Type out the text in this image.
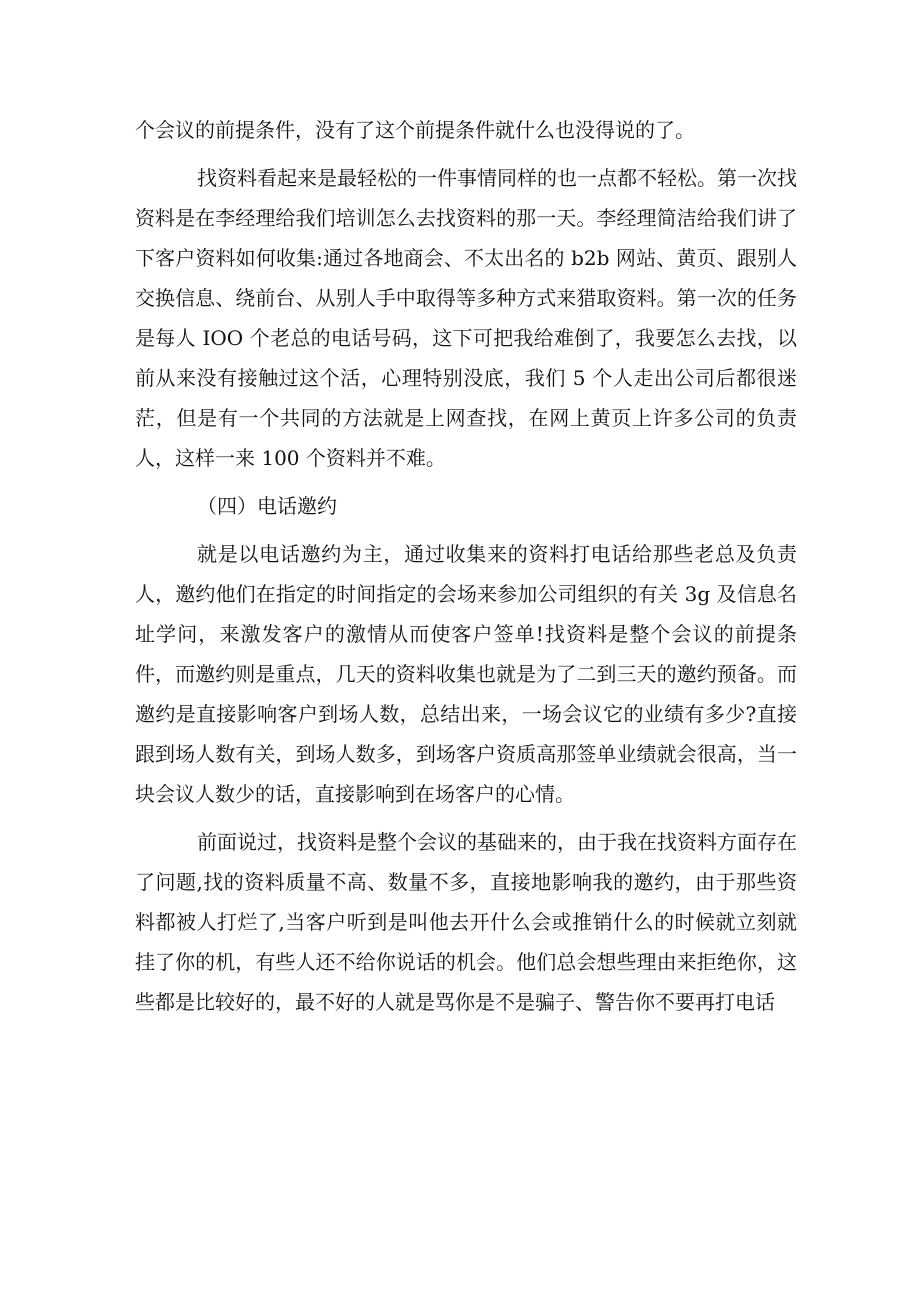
个会议的前提条件，没有了这个前提条件就什么也没得说的了。

找资料看起来是最轻松的一件事情同样的也一点都不轻松。第一次找资料是在李经理给我们培训怎么去找资料的那一天。李经理简洁给我们讲了下客户资料如何收集:通过各地商会、不太出名的 b2b 网站、黄页、跟别人交换信息、绕前台、从别人手中取得等多种方式来猎取资料。第一次的任务是每人 IOO 个老总的电话号码，这下可把我给难倒了，我要怎么去找，以前从来没有接触过这个活，心理特别没底，我们 5 个人走出公司后都很迷茫，但是有一个共同的方法就是上网查找，在网上黄页上许多公司的负责人，这样一来 100 个资料并不难。

（四）电话邀约

就是以电话邀约为主，通过收集来的资料打电话给那些老总及负责人，邀约他们在指定的时间指定的会场来参加公司组织的有关 3g 及信息名址学问，来激发客户的激情从而使客户签单!找资料是整个会议的前提条件，而邀约则是重点，几天的资料收集也就是为了二到三天的邀约预备。而邀约是直接影响客户到场人数，总结出来，一场会议它的业绩有多少?直接跟到场人数有关，到场人数多，到场客户资质高那签单业绩就会很高，当一块会议人数少的话，直接影响到在场客户的心情。

前面说过，找资料是整个会议的基础来的，由于我在找资料方面存在了问题,找的资料质量不高、数量不多，直接地影响我的邀约，由于那些资料都被人打烂了,当客户听到是叫他去开什么会或推销什么的时候就立刻就挂了你的机，有些人还不给你说话的机会。他们总会想些理由来拒绝你，这些都是比较好的，最不好的人就是骂你是不是骗子、警告你不要再打电话
